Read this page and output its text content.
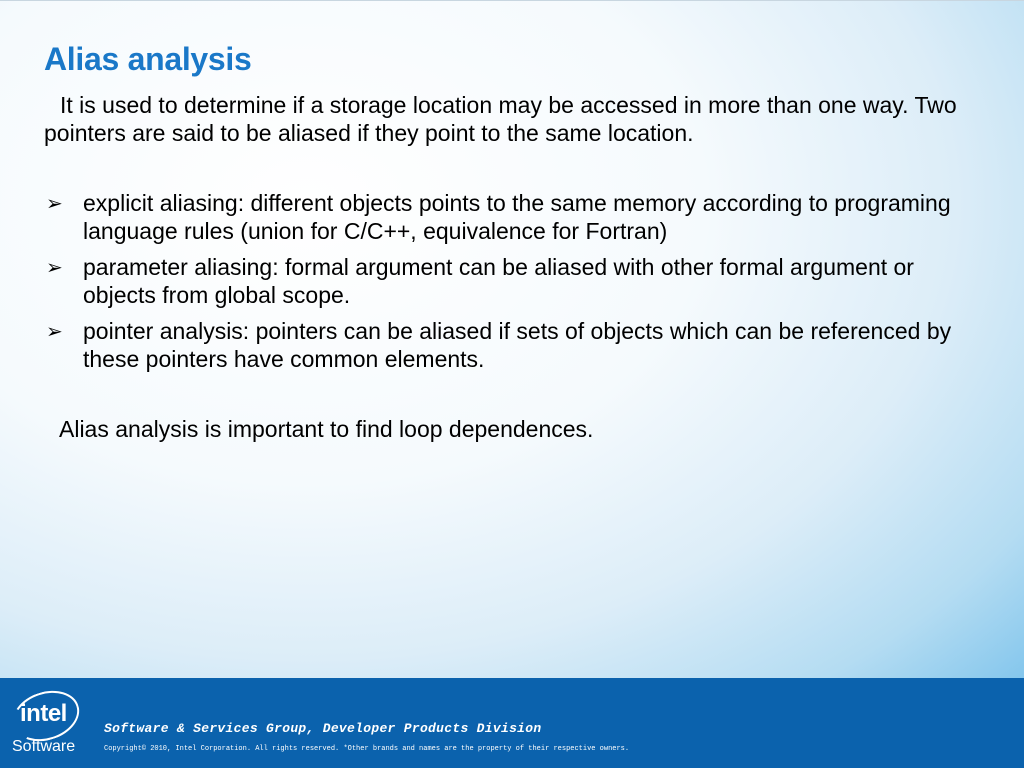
Alias analysis

It is used to determine if a storage location may be accessed in more than one way. Two pointers are said to be aliased if they point to the same location.

➢ explicit aliasing: different objects points to the same memory according to programing language rules (union for C/C++, equivalence for Fortran)
➢ parameter aliasing: formal argument can be aliased with other formal argument or objects from global scope.
➢ pointer analysis: pointers can be aliased if sets of objects which can be referenced by these pointers have common elements.

Alias analysis is important to find loop dependences.

intel
Software
Software & Services Group, Developer Products Division
Copyright© 2010, Intel Corporation. All rights reserved. *Other brands and names are the property of their respective owners.
